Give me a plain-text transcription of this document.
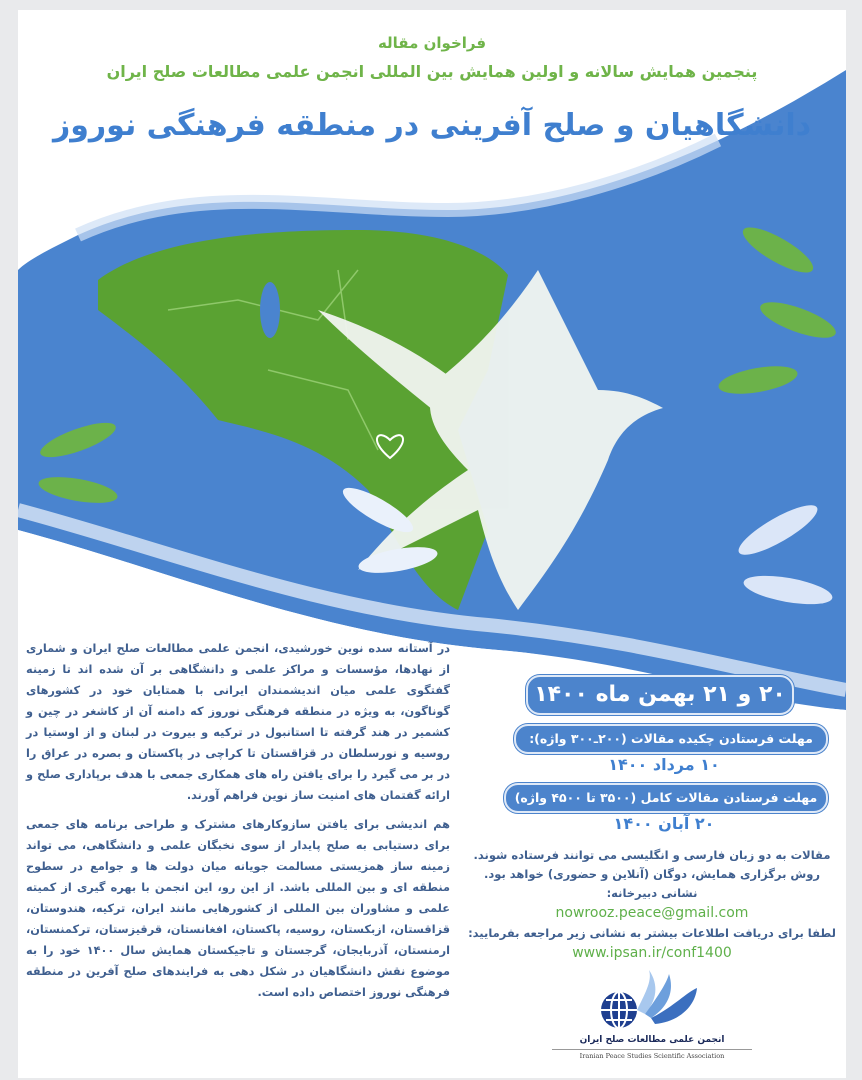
فراخوان مقاله
پنجمین همایش سالانه و اولین همایش بین المللی انجمن علمی مطالعات صلح ایران
دانشگاهیان و صلح آفرینی در منطقه فرهنگی نوروز

در آستانه سده نوین خورشیدی، انجمن علمی مطالعات صلح ایران و شماری از نهادها، مؤسسات و مراکز علمی و دانشگاهی بر آن شده اند تا زمینه گفتگوی علمی میان اندیشمندان ایرانی با همتایان خود در کشورهای گوناگون، به ویژه در منطقه فرهنگی نوروز که دامنه آن از کاشغر در چین و کشمیر در هند گرفته تا استانبول در ترکیه و بیروت در لبنان و از اوستیا در روسیه و نورسلطان در قزاقستان تا کراچی در پاکستان و بصره در عراق را در بر می گیرد را برای یافتن راه های همکاری جمعی با هدف برپاداری صلح و ارائه گفتمان های امنیت ساز نوین فراهم آورند.

هم اندیشی برای یافتن سازوکارهای مشترک و طراحی برنامه های جمعی برای دستیابی به صلح پایدار از سوی نخبگان علمی و دانشگاهی، می تواند زمینه ساز همزیستی مسالمت جویانه میان دولت ها و جوامع در سطوح منطقه ای و بین المللی باشد. از این رو، این انجمن با بهره گیری از کمیته علمی و مشاوران بین المللی از کشورهایی مانند ایران، ترکیه، هندوستان، قزاقستان، ازبکستان، روسیه، پاکستان، افغانستان، قرقیزستان، ترکمنستان، ارمنستان، آذربایجان، گرجستان و تاجیکستان همایش سال ۱۴۰۰ خود را به موضوع نقش دانشگاهیان در شکل دهی به فرایندهای صلح آفرین در منطقه فرهنگی نوروز اختصاص داده است.

۲۰ و ۲۱ بهمن ماه ۱۴۰۰
مهلت فرستادن چکیده مقالات (۲۰۰ـ۳۰۰ واژه):
۱۰ مرداد ۱۴۰۰
مهلت فرستادن مقالات کامل (۳۵۰۰ تا ۴۵۰۰ واژه)
۲۰ آبان ۱۴۰۰
مقالات به دو زبان فارسی و انگلیسی می توانند فرستاده شوند.
روش برگزاری همایش، دوگان (آنلاین و حضوری) خواهد بود.
نشانی دبیرخانه:
nowrooz.peace@gmail.com
لطفا برای دریافت اطلاعات بیشتر به نشانی زیر مراجعه بفرمایید:
www.ipsan.ir/conf1400
انجمن علمی مطالعات صلح ایران
Iranian Peace Studies Scientific Association
